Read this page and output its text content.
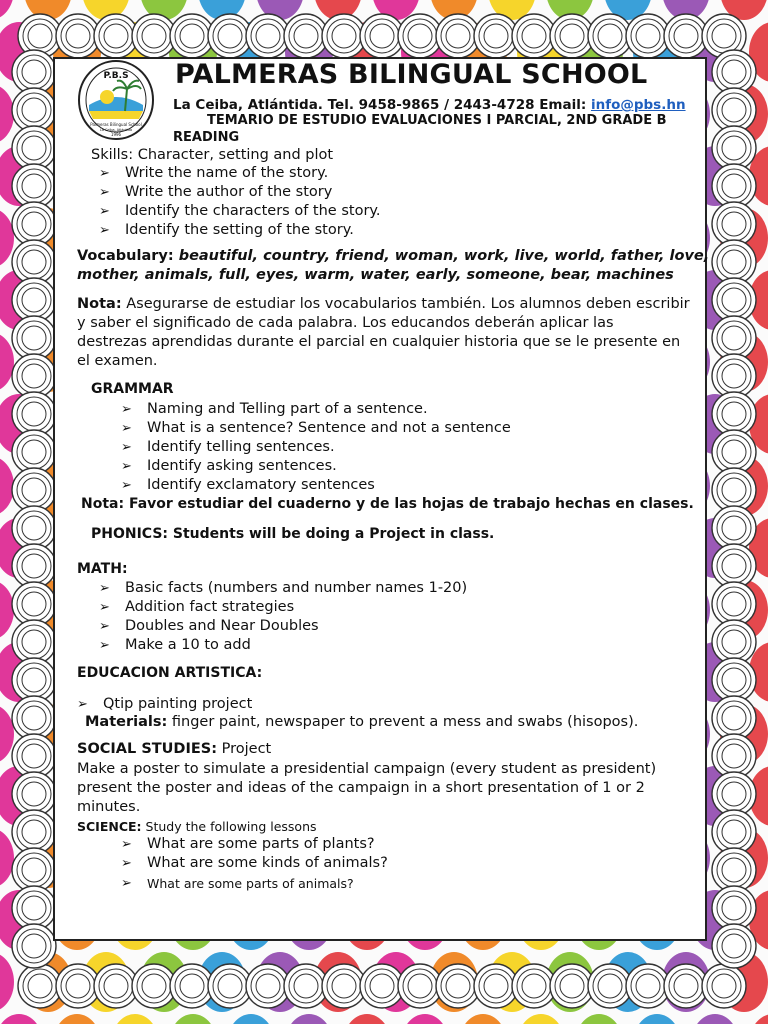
P.B.S
Palmeras Bilingual School
La Ceiba, Atlántida
1996
PALMERAS BILINGUAL SCHOOL
La Ceiba, Atlántida. Tel. 9458-9865 / 2443-4728 Email: info@pbs.hn
TEMARIO DE ESTUDIO EVALUACIONES I PARCIAL, 2ND GRADE B
READING
Skills: Character, setting and plot
➢ Write the name of the story.
➢ Write the author of the story
➢ Identify the characters of the story.
➢ Identify the setting of the story.
Vocabulary: beautiful, country, friend, woman, work, live, world, father, love,
mother, animals, full, eyes, warm, water, early, someone, bear, machines
Nota: Asegurarse de estudiar los vocabularios también. Los alumnos deben escribir
y saber el significado de cada palabra. Los educandos deberán aplicar las
destrezas aprendidas durante el parcial en cualquier historia que se le presente en
el examen.
GRAMMAR
➢ Naming and Telling part of a sentence.
➢ What is a sentence? Sentence and not a sentence
➢ Identify telling sentences.
➢ Identify asking sentences.
➢ Identify exclamatory sentences
Nota: Favor estudiar del cuaderno y de las hojas de trabajo hechas en clases.
PHONICS: Students will be doing a Project in class.
MATH:
➢ Basic facts (numbers and number names 1-20)
➢ Addition fact strategies
➢ Doubles and Near Doubles
➢ Make a 10 to add
EDUCACION ARTISTICA:
➢ Qtip painting project
Materials: finger paint, newspaper to prevent a mess and swabs (hisopos).
SOCIAL STUDIES: Project
Make a poster to simulate a presidential campaign (every student as president)
present the poster and ideas of the campaign in a short presentation of 1 or 2
minutes.
SCIENCE: Study the following lessons
➢ What are some parts of plants?
➢ What are some kinds of animals?
➢ What are some parts of animals?
